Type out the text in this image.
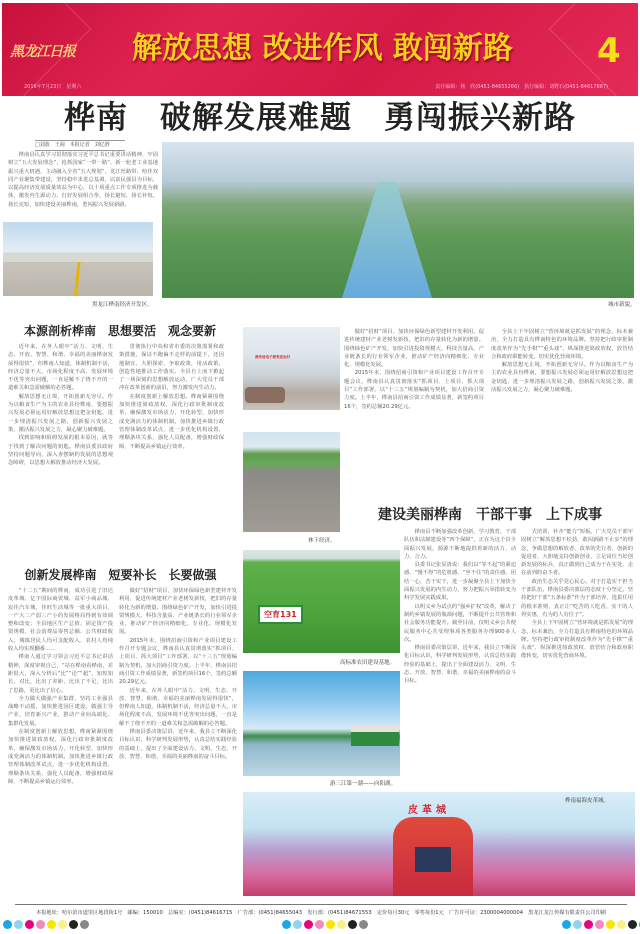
黑龙江日报 解放思想 改进作风 敢闯新路 4
2016年7月23日　星期六	责任编辑：杨　欣(0451-84655266)　执行编辑：刘野石(0451-84617887)
桦南　破解发展难题　勇闯振兴新路
□刘波　王阔　本报记者　刘亿胜

桦南县认真学习贯彻落实习近平总书记重要讲话精神，牢固树立“五大发展理念”，抢抓国家“一带一路”、新一轮老工业基地振兴重大机遇，主动融入全省“五大规划”、龙江丝路带、哈佳双同产业聚集带建设，坚持稳中求进总基调，以富民强县为目标，以提高经济发展质量效益为中心，以十项重点工作专项推进为载体，激发内生源动力，打好发展组合拳，扬长避短，扬长补短，扬长克短，加快建设美丽桦南，勇闯振兴发展新路。

黑龙江桦南经济开发区。	城市新貌。
本源剖析桦南　思想要活　观念要新

近年来，在外人眼中“活力、文明、生态、开放、智慧、和谐、幸福的美丽桦南发展得很快”，但桦南人知道，体制机制不活，经济总量不大，市场化程度不高，发展环境不优等突出问题，一直是解不了绕不开的一道难关和急需破解的必答题。

解放思想无止境，开拓创新无穷尽。作为以粮食生产为主的农业县份桦南，要想振兴发展必须运用好解放思想这把金钥匙，进一步理清振兴发展之路，创新振兴发展之策，激活振兴发展之力，凝心聚力破难题。

找到影响和阻碍发展的根本原因，就等于找到了解决问题的钥匙。桦南县委县政府坚持问题导向，深入查摆制约发展的思想观念障碍，以思想大解放推动经济大发展。

贯彻执行中央和省市委的决策部署和政策措施，保证不跑偏不走样的前提下，还因地制宜、大胆探索，争取政策，用活政策，创造性地推动工作落实。全县自上而下掀起了一场深刻的思想解放运动，广大党员干部冲在改革创新的前沿，努力激发内生动力。

在制度创新上解放思想。桦南紧紧围绕加快推进简政放权，深化行政审批制度改革，确保激发市场活力，开化转型，加快形成充满活力的体制机制。加快推进乡镇行政管理体制改革试点，进一步优化机构设置，理顺条块关系，强化人员配备，增强财政保障，不断提高乡镇运行效率。

商务局电子商务进农村
林下经济。

做好“招财”项目，加快环保绿色新型建材开发利用，促进传统建材产业老树发新枝，把旧的存量转化为新的增量。围绕绿色矿产开发，加快引进投资规模大、科技含量高、产业链条长的行业领军企业，推动矿产经济向精细化、专业化、规模化发展。

2015年末，围绕招商引资和产业项目建设工作召开专题会议，桦南县认真贯彻落实“抓项目、上项目、抓大项目”工作部署，以“十三五”规划编制为契机，加大招商引资力度。上半年，桦南县招商引资工作成绩显著，新签约项目16个，签约总额20.29亿元。

全县上下牢固树立“营环境就是抓发展”的理念，标本兼治，全力打造具有桦南特色的环境品牌。坚持把行政审批制度改革作为“先手棋”“重头戏”，纵深推进简政放权、放管结合和政府职能转变，切实优化营商环境。

解放思想无止境，开拓创新无穷尽。作为以粮食生产为主的农业县份桦南，要想振兴发展必须运用好解放思想这把金钥匙，进一步理清振兴发展之路，创新振兴发展之策，激活振兴发展之力，凝心聚力破难题。

建设美丽桦南　干部干事　上下成事
空育131
高标准农田建设基地。
游三江第一湖——向阳湖。

桦南县不断加强改革创新，学习教育，干部队伍和法制建设等“四个保障”，正在为这个县全面振兴发展，源源不断地提供着新的活力、动力、合力。

县委书记张显清说：我们以“等不起”的紧迫感、“慢不得”的危机感、“坐不住”的责任感，团结一心，苦干实干，进一步凝聚全县上下加快全面振兴发展的内生动力，努力把振兴举措转变为科学发展实践成果。

以明义乡为试点的“强乡扩权”改革，解决了制约乡镇发展的瓶颈问题，不断提升公共管理和社会服务功能提升。截至目前，仅明义乡公共便民服务中心共受理事项各类服务办理900多人次。

桦南县委决策层讲，近年来，我县立不断深化目标认识，科学研判发展形势，认真总结实践经验的基础上，提出了全面建设活力、文明、生态、开放、智慧、和谐、幸福的美丽桦南的奋斗目标。

式培训，补齐“能力”短板。广大党员干部牢固树立“解放思想不松劲，敢闯新路不止步”的理念，争做思想的解放者、改革的先行者、创新的促进者，大胆地支持创新创业，立足岗位当好创新发展的标兵，真正做到自己成为干在实处、走在前列的奋斗者。

政治生态关乎党心民心。对于打造实干担当干部队伍，桦南县委决策层的态度十分坚定。坚持把好干部“五条标准”作为干部培养、选拔任用的根本准则，真正让“吃苦的人吃香，实干的人得实惠，有为的人有位子”。

全县上下牢固树立“营环境就是抓发展”的理念，标本兼治，全力打造具有桦南特色的环境品牌。坚持把行政审批制度改革作为“先手棋”“重头戏”，纵深推进简政放权、放管结合和政府职能转变，切实优化营商环境。

创新发展桦南　短要补长　长要做强

“十二五”期间的桦南，成功引进了旧达皮革城、亿丰国际商贸城、益军小商品城、宸佳汽车城，佳旺生活城等一批重大项目，一产大二产弱三产小的发展格局得到有效调整和改变；全县地区生产总值、固定资产投资规模、社会消费品零售总额、公共财政收入、城镇居民人均可支配收入、农村人均纯收入均实现翻番……

桦南人通过学习领会习近平总书记讲话精神，深度审视自己，“站在桦南看桦南，差距很大，深入分析后“比”“论”“超”，知短知长，对比，比出了差距，比出了不足，比出了思路，更比出了信心。

全力做大做强产业集群，坚持工业强县战略不动摇，加快推进园区建设，做强主导产业，培育新兴产业，推动产业向高端化、集群化发展。

在制度创新上解放思想。桦南紧紧围绕加快推进简政放权，深化行政审批制度改革，确保激发市场活力，开化转型，加快形成充满活力的体制机制。加快推进乡镇行政管理体制改革试点，进一步优化机构设置，理顺条块关系，强化人员配备，增强财政保障，不断提高乡镇运行效率。

做好“招财”项目，加快环保绿色新型建材开发利用，促进传统建材产业老树发新枝，把旧的存量转化为新的增量。围绕绿色矿产开发，加快引进投资规模大、科技含量高、产业链条长的行业领军企业，推动矿产经济向精细化、专业化、规模化发展。

2015年末，围绕招商引资和产业项目建设工作召开专题会议，桦南县认真贯彻落实“抓项目、上项目、抓大项目”工作部署，以“十三五”规划编制为契机，加大招商引资力度。上半年，桦南县招商引资工作成绩显著，新签约项目16个，签约总额20.29亿元。

近年来，在外人眼中“活力、文明、生态、开放、智慧、和谐、幸福的美丽桦南发展得很快”，但桦南人知道，体制机制不活，经济总量不大，市场化程度不高，发展环境不优等突出问题，一直是解不了绕不开的一道难关和急需破解的必答题。

桦南县委决策层讲，近年来，我县立不断深化目标认识，科学研判发展形势，认真总结实践经验的基础上，提出了全面建设活力、文明、生态、开放、智慧、和谐、幸福的美丽桦南的奋斗目标。

皮革城
桦南福海皮革城。
本报地址：哈尔滨市道里区地段街1号　邮编：150010　总编室：(0451)84616715　广告部：(0451)84655043　发行部：(0451)84671553　定价每月30元　零售每份1元　广告许可证：2300004000004　黑龙江龙江传媒有限责任公司印刷
